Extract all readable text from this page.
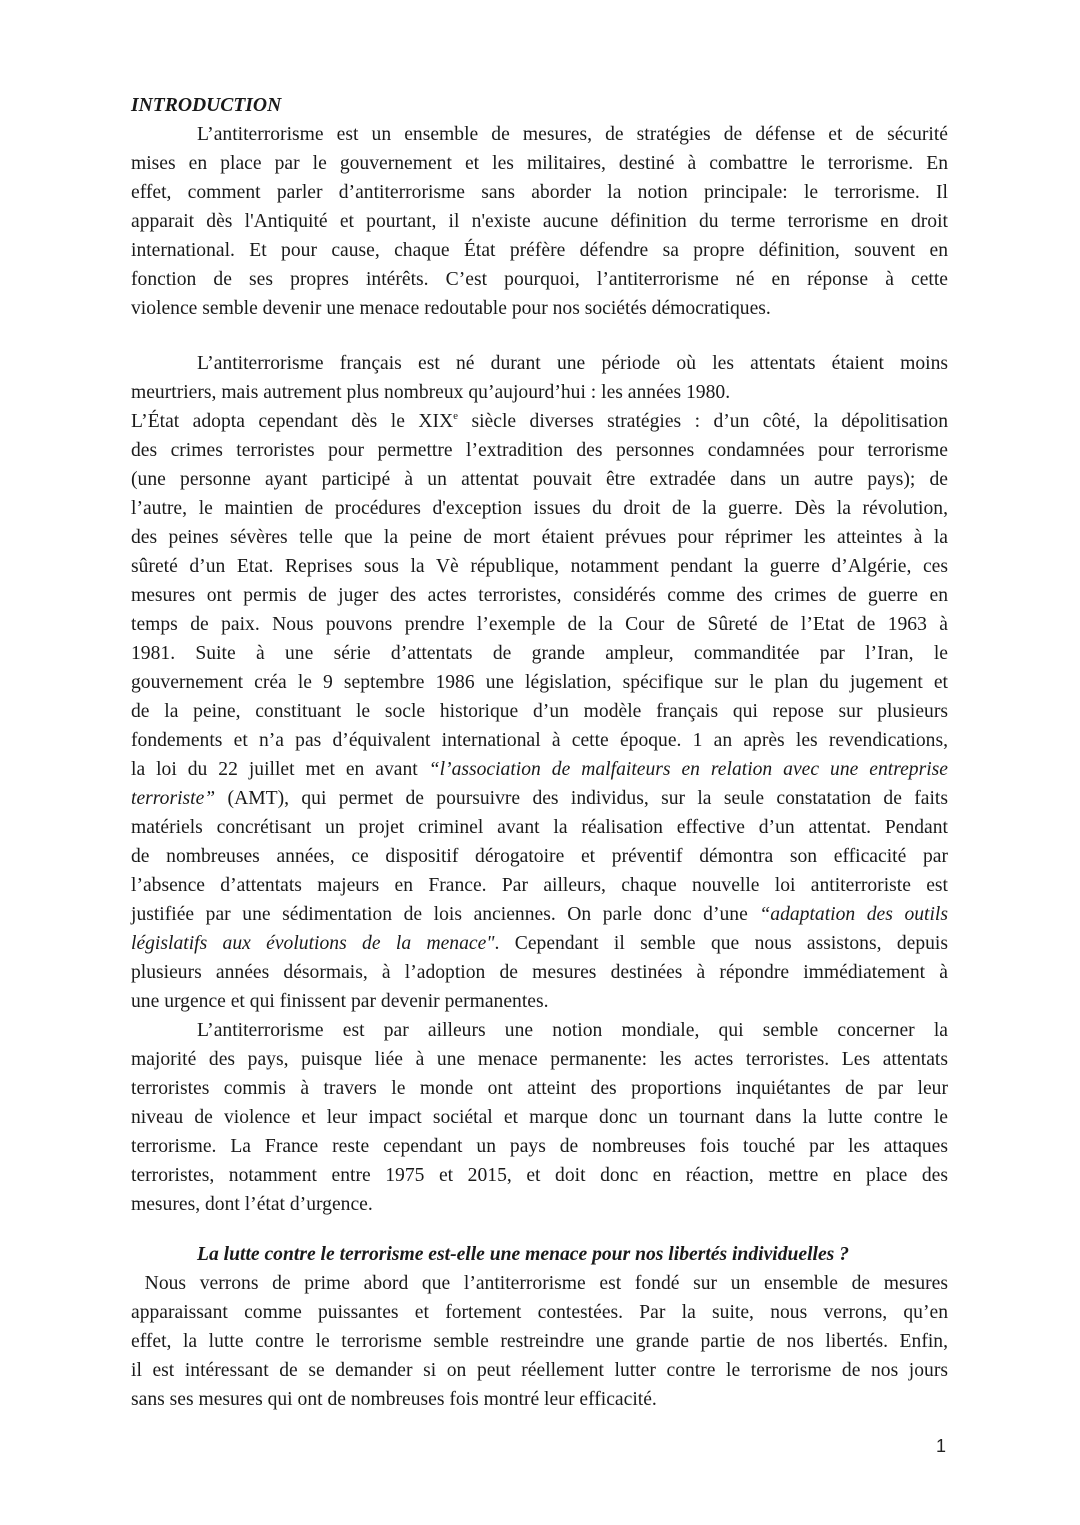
INTRODUCTION
L’antiterrorisme est un ensemble de mesures, de stratégies de défense et de sécurité
mises en place par le gouvernement et les militaires, destiné à combattre le terrorisme. En
effet, comment parler d’antiterrorisme sans aborder la notion principale: le terrorisme. Il
apparait dès l'Antiquité et pourtant, il n'existe aucune définition du terme terrorisme en droit
international. Et pour cause, chaque État préfère défendre sa propre définition, souvent en
fonction de ses propres intérêts. C’est pourquoi, l’antiterrorisme né en réponse à cette
violence semble devenir une menace redoutable pour nos sociétés démocratiques.
L’antiterrorisme français est né durant une période où les attentats étaient moins
meurtriers, mais autrement plus nombreux qu’aujourd’hui : les années 1980.
L’État adopta cependant dès le XIXe siècle diverses stratégies : d’un côté, la dépolitisation
des crimes terroristes pour permettre l’extradition des personnes condamnées pour terrorisme
(une personne ayant participé à un attentat pouvait être extradée dans un autre pays); de
l’autre, le maintien de procédures d'exception issues du droit de la guerre. Dès la révolution,
des peines sévères telle que la peine de mort étaient prévues pour réprimer les atteintes à la
sûreté d’un Etat. Reprises sous la Vè république, notamment pendant la guerre d’Algérie, ces
mesures ont permis de juger des actes terroristes, considérés comme des crimes de guerre en
temps de paix. Nous pouvons prendre l’exemple de la Cour de Sûreté de l’Etat de 1963 à
1981. Suite à une série d’attentats de grande ampleur, commanditée par l’Iran, le
gouvernement créa le 9 septembre 1986 une législation, spécifique sur le plan du jugement et
de la peine, constituant le socle historique d’un modèle français qui repose sur plusieurs
fondements et n’a pas d’équivalent international à cette époque. 1 an après les revendications,
la loi du 22 juillet met en avant “l’association de malfaiteurs en relation avec une entreprise
terroriste” (AMT), qui permet de poursuivre des individus, sur la seule constatation de faits
matériels concrétisant un projet criminel avant la réalisation effective d’un attentat. Pendant
de nombreuses années, ce dispositif dérogatoire et préventif démontra son efficacité par
l’absence d’attentats majeurs en France. Par ailleurs, chaque nouvelle loi antiterroriste est
justifiée par une sédimentation de lois anciennes. On parle donc d’une “adaptation des outils
législatifs aux évolutions de la menace". Cependant il semble que nous assistons, depuis
plusieurs années désormais, à l’adoption de mesures destinées à répondre immédiatement à
une urgence et qui finissent par devenir permanentes.
L’antiterrorisme est par ailleurs une notion mondiale, qui semble concerner la
majorité des pays, puisque liée à une menace permanente: les actes terroristes. Les attentats
terroristes commis à travers le monde ont atteint des proportions inquiétantes de par leur
niveau de violence et leur impact sociétal et marque donc un tournant dans la lutte contre le
terrorisme. La France reste cependant un pays de nombreuses fois touché par les attaques
terroristes, notamment entre 1975 et 2015, et doit donc en réaction, mettre en place des
mesures, dont l’état d’urgence.
La lutte contre le terrorisme est-elle une menace pour nos libertés individuelles ?
Nous verrons de prime abord que l’antiterrorisme est fondé sur un ensemble de mesures
apparaissant comme puissantes et fortement contestées. Par la suite, nous verrons, qu’en
effet, la lutte contre le terrorisme semble restreindre une grande partie de nos libertés. Enfin,
il est intéressant de se demander si on peut réellement lutter contre le terrorisme de nos jours
sans ses mesures qui ont de nombreuses fois montré leur efficacité.
1
